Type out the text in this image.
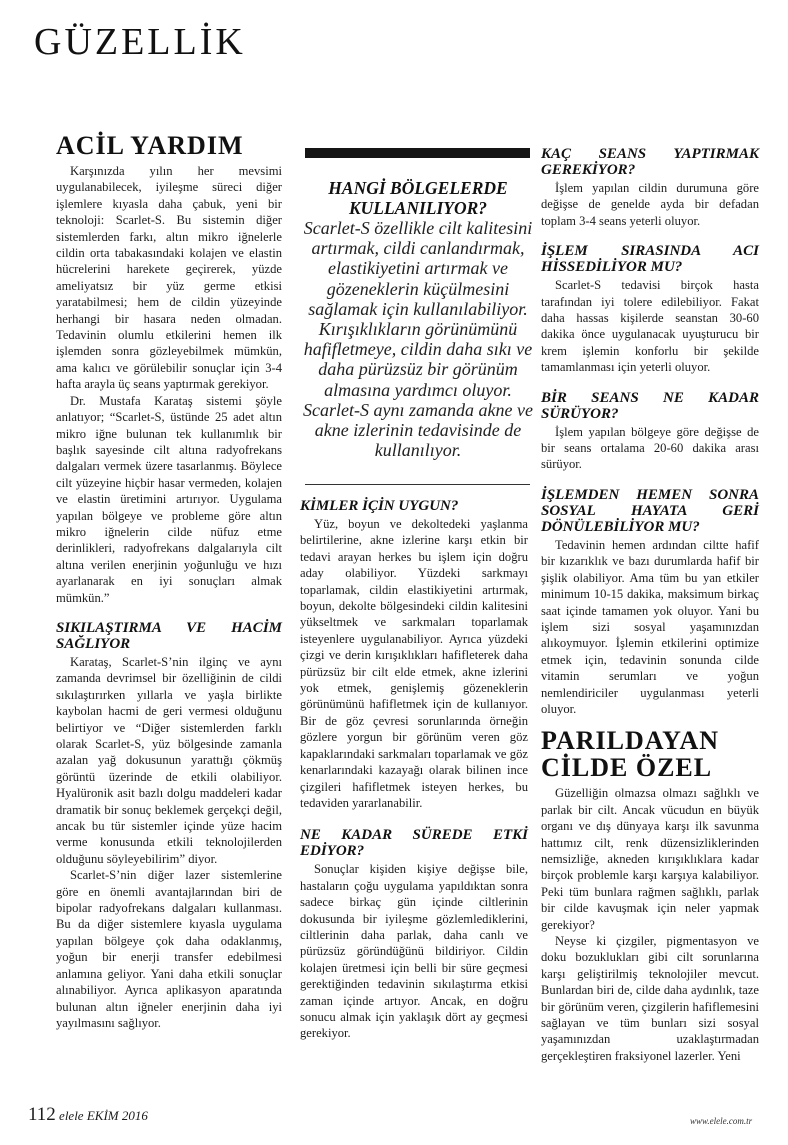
GÜZELLİK
ACİL YARDIM

Karşınızda yılın her mevsimi uygulanabilecek, iyileşme süreci diğer işlemlere kıyasla daha çabuk, yeni bir teknoloji: Scarlet-S. Bu sistemin diğer sistemlerden farkı, altın mikro iğnelerle cildin orta tabakasındaki kolajen ve elastin hücrelerini harekete geçirerek, yüzde ameliyatsız bir yüz germe etkisi yaratabilmesi; hem de cildin yüzeyinde herhangi bir hasara neden olmadan. Tedavinin olumlu etkilerini hemen ilk işlemden sonra gözleyebilmek mümkün, ama kalıcı ve görülebilir sonuçlar için 3-4 hafta arayla üç seans yaptırmak gerekiyor.

Dr. Mustafa Karataş sistemi şöyle anlatıyor; “Scarlet-S, üstünde 25 adet altın mikro iğne bulunan tek kullanımlık bir başlık sayesinde cilt altına radyofrekans dalgaları vermek üzere tasarlanmış. Böylece cilt yüzeyine hiçbir hasar vermeden, kolajen ve elastin üretimini artırıyor. Uygulama yapılan bölgeye ve probleme göre altın mikro iğnelerin cilde nüfuz etme derinlikleri, radyofrekans dalgalarıyla cilt altına verilen enerjinin yoğunluğu ve hızı ayarlanarak en iyi sonuçları almak mümkün.”

SIKILAŞTIRMA VE HACİM SAĞLIYOR

Karataş, Scarlet-S’nin ilginç ve aynı zamanda devrimsel bir özelliğinin de cildi sıkılaştırırken yıllarla ve yaşla birlikte kaybolan hacmi de geri vermesi olduğunu belirtiyor ve “Diğer sistemlerden farklı olarak Scarlet-S, yüz bölgesinde zamanla azalan yağ dokusunun yarattığı çökmüş görüntü üzerinde de etkili olabiliyor. Hyalüronik asit bazlı dolgu maddeleri kadar dramatik bir sonuç beklemek gerçekçi değil, ancak bu tür sistemler içinde yüze hacim verme konusunda etkili teknolojilerden olduğunu söyleyebilirim” diyor.

Scarlet-S’nin diğer lazer sistemlerine göre en önemli avantajlarından biri de bipolar radyofrekans dalgaları kullanması. Bu da diğer sistemlere kıyasla uygulama yapılan bölgeye çok daha odaklanmış, yoğun bir enerji transfer edebilmesi anlamına geliyor. Yani daha etkili sonuçlar alınabiliyor. Ayrıca aplikasyon aparatında bulunan altın iğneler enerjinin daha iyi yayılmasını sağlıyor.

HANGİ BÖLGELERDE KULLANILIYOR?
Scarlet-S özellikle cilt kalitesini artırmak, cildi canlandırmak, elastikiyetini artırmak ve gözeneklerin küçülmesini sağlamak için kullanılabiliyor. Kırışıklıkların görünümünü hafifletmeye, cildin daha sıkı ve daha pürüzsüz bir görünüm almasına yardımcı oluyor. Scarlet-S aynı zamanda akne ve akne izlerinin tedavisinde de kullanılıyor.
KİMLER İÇİN UYGUN?

Yüz, boyun ve dekoltedeki yaşlanma belirtilerine, akne izlerine karşı etkin bir tedavi arayan herkes bu işlem için doğru aday olabiliyor. Yüzdeki sarkmayı toparlamak, cildin elastikiyetini artırmak, boyun, dekolte bölgesindeki cildin kalitesini yükseltmek ve sarkmaları toparlamak isteyenlere uygulanabiliyor. Ayrıca yüzdeki çizgi ve derin kırışıklıkları hafifleterek daha pürüzsüz bir cilt elde etmek, akne izlerini yok etmek, genişlemiş gözeneklerin görünümünü hafifletmek için de kullanıyor. Bir de göz çevresi sorunlarında örneğin gözlere yorgun bir görünüm veren göz kapaklarındaki sarkmaları toparlamak ve göz kenarlarındaki kazayağı olarak bilinen ince çizgileri hafifletmek isteyen herkes, bu tedaviden yararlanabilir.

NE KADAR SÜREDE ETKİ EDİYOR?

Sonuçlar kişiden kişiye değişse bile, hastaların çoğu uygulama yapıldıktan sonra sadece birkaç gün içinde ciltlerinin dokusunda bir iyileşme gözlemlediklerini, ciltlerinin daha parlak, daha canlı ve pürüzsüz göründüğünü bildiriyor. Cildin kolajen üretmesi için belli bir süre geçmesi gerektiğinden tedavinin sıkılaştırma etkisi zaman içinde artıyor. Ancak, en doğru sonucu almak için yaklaşık dört ay geçmesi gerekiyor.

KAÇ SEANS YAPTIRMAK GEREKİYOR?

İşlem yapılan cildin durumuna göre değişse de genelde ayda bir defadan toplam 3-4 seans yeterli oluyor.

İŞLEM SIRASINDA ACI HİSSEDİLİYOR MU?

Scarlet-S tedavisi birçok hasta tarafından iyi tolere edilebiliyor. Fakat daha hassas kişilerde seanstan 30-60 dakika önce uygulanacak uyuşturucu bir krem işlemin konforlu bir şekilde tamamlanması için yeterli oluyor.

BİR SEANS NE KADAR SÜRÜYOR?

İşlem yapılan bölgeye göre değişse de bir seans ortalama 20-60 dakika arası sürüyor.

İŞLEMDEN HEMEN SONRA SOSYAL HAYATA GERİ DÖNÜLEBİLİYOR MU?

Tedavinin hemen ardından ciltte hafif bir kızarıklık ve bazı durumlarda hafif bir şişlik olabiliyor. Ama tüm bu yan etkiler minimum 10-15 dakika, maksimum birkaç saat içinde tamamen yok oluyor. Yani bu işlem sizi sosyal yaşamınızdan alıkoymuyor. İşlemin etkilerini optimize etmek için, tedavinin sonunda cilde vitamin serumları ve yoğun nemlendiriciler uygulanması yeterli oluyor.

PARILDAYAN
CİLDE ÖZEL

Güzelliğin olmazsa olmazı sağlıklı ve parlak bir cilt. Ancak vücudun en büyük organı ve dış dünyaya karşı ilk savunma hattımız cilt, renk düzensizliklerinden nemsizliğe, akneden kırışıklıklara kadar birçok problemle karşı karşıya kalabiliyor. Peki tüm bunlara rağmen sağlıklı, parlak bir cilde kavuşmak için neler yapmak gerekiyor?

Neyse ki çizgiler, pigmentasyon ve doku bozuklukları gibi cilt sorunlarına karşı geliştirilmiş teknolojiler mevcut. Bunlardan biri de, cilde daha aydınlık, taze bir görünüm veren, çizgilerin hafiflemesini sağlayan ve tüm bunları sizi sosyal yaşamınızdan uzaklaştırmadan gerçekleştiren fraksiyonel lazerler. Yeni

112 elele EKİM 2016	www.elele.com.tr
